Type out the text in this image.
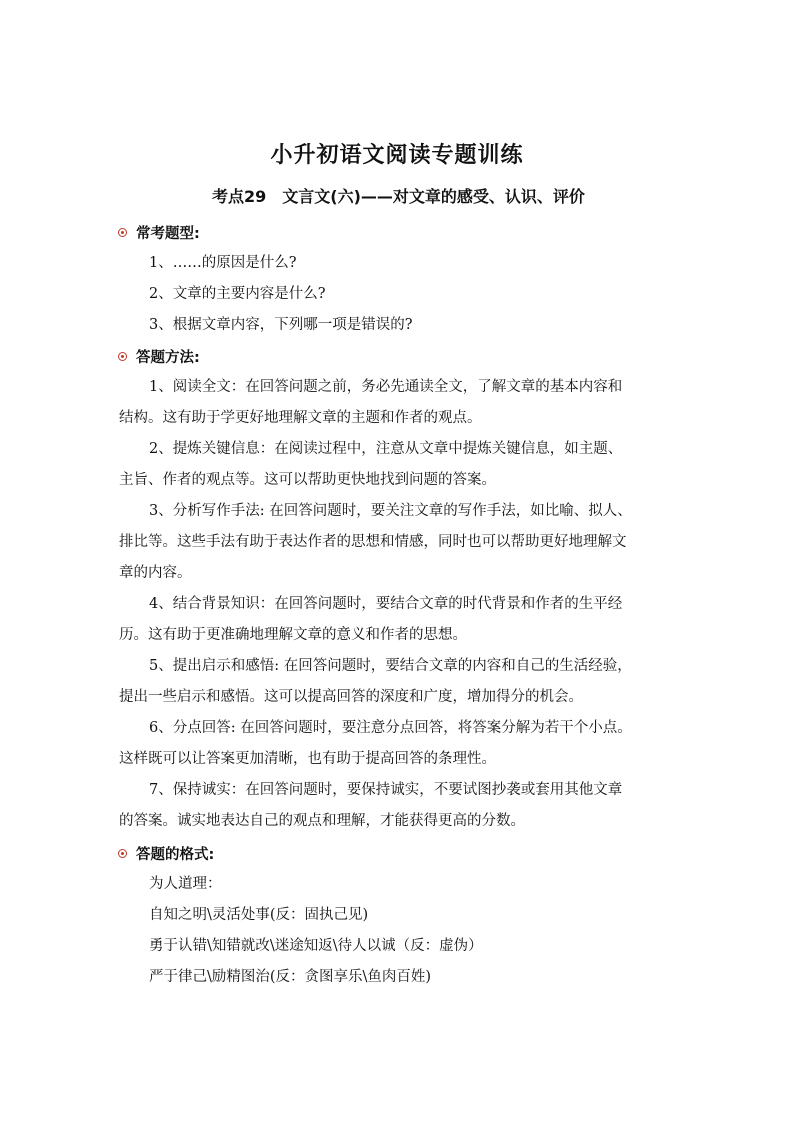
小升初语文阅读专题训练
考点29　文言文(六)——对文章的感受、认识、评价
常考题型:
1、……的原因是什么?
2、文章的主要内容是什么?
3、根据文章内容，下列哪一项是错误的?
答题方法:
1、阅读全文：在回答问题之前，务必先通读全文，了解文章的基本内容和
结构。这有助于学更好地理解文章的主题和作者的观点。
2、提炼关键信息：在阅读过程中，注意从文章中提炼关键信息，如主题、
主旨、作者的观点等。这可以帮助更快地找到问题的答案。
3、分析写作手法: 在回答问题时，要关注文章的写作手法，如比喻、拟人、
排比等。这些手法有助于表达作者的思想和情感，同时也可以帮助更好地理解文
章的内容。
4、结合背景知识：在回答问题时，要结合文章的时代背景和作者的生平经
历。这有助于更准确地理解文章的意义和作者的思想。
5、提出启示和感悟: 在回答问题时，要结合文章的内容和自己的生活经验，
提出一些启示和感悟。这可以提高回答的深度和广度，增加得分的机会。
6、分点回答: 在回答问题时，要注意分点回答，将答案分解为若干个小点。
这样既可以让答案更加清晰，也有助于提高回答的条理性。
7、保持诚实：在回答问题时，要保持诚实，不要试图抄袭或套用其他文章
的答案。诚实地表达自己的观点和理解，才能获得更高的分数。
答题的格式:
为人道理：
自知之明\灵活处事(反：固执己见)
勇于认错\知错就改\迷途知返\待人以诚（反：虚伪）
严于律己\励精图治(反：贪图享乐\鱼肉百姓)
